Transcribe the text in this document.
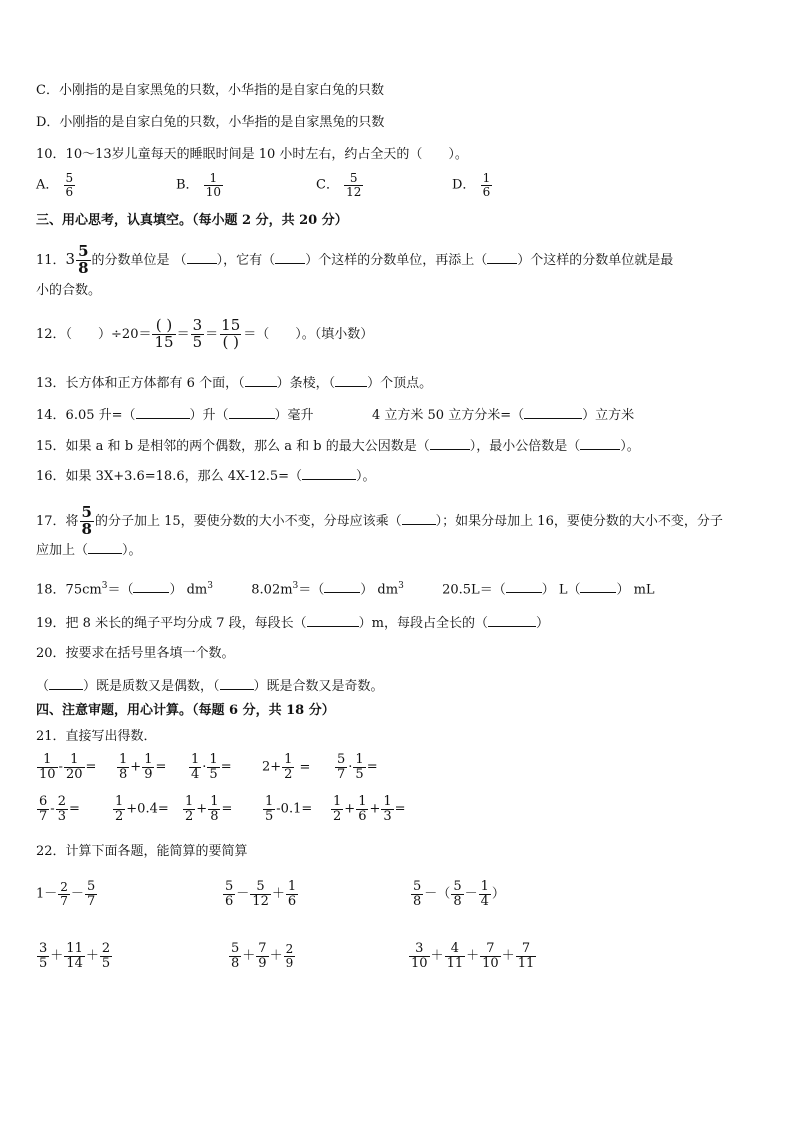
C．小刚指的是自家黑兔的只数，小华指的是自家白兔的只数
D．小刚指的是自家白兔的只数，小华指的是自家黑兔的只数
10．10～13岁儿童每天的睡眠时间是 10 小时左右，约占全天的（　　）。
A． $\frac{5}{6}$	B． $\frac{1}{10}$	C． $\frac{5}{12}$	D． $\frac{1}{6}$
三、用心思考，认真填空。（每小题 2 分，共 20 分）
11．$3 \frac{5}{8}$ 的分数单位是 （ ），它有（ ）个这样的分数单位，再添上（ ）个这样的分数单位就是最
小的合数。
12．（　　）$\div 20= \frac{( )}{15} = \frac{3}{5} = \frac{15}{( )}$ ＝（　　）。（填小数）
13．长方体和正方体都有 6 个面，（ ）条棱，（ ）个顶点。
14．6.05 升=（	）升（	）毫升	4 立方米 50 立方分米=（	）立方米
15．如果 a 和 b 是相邻的两个偶数，那么 a 和 b 的最大公因数是（	），最小公倍数是（	）。
16．如果 3X+3.6=18.6，那么 4X-12.5=（	）。
17．将 $\frac{5}{8}$ 的分子加上 15，要使分数的大小不变，分母应该乘（	）；如果分母加上 16，要使分数的大小不变，分子
应加上（	）。
18．$75cm^3=$（	） $dm^3$	$8.02m^3=$（	） $dm^3$	20.5L＝（	） L（	） mL
19．把 8 米长的绳子平均分成 7 段，每段长（	）m，每段占全长的（	）
20．按要求在括号里各填一个数。
（	）既是质数又是偶数，（	）既是合数又是奇数。
四、注意审题，用心计算。（每题 6 分，共 18 分）
21．直接写出得数．
$\frac{1}{10} - \frac{1}{20} = \frac{1}{8} + \frac{1}{9} = \frac{1}{4} \cdot \frac{1}{5} = 2+ \frac{1}{2} = \frac{5}{7} \cdot \frac{1}{5}$ =
$\frac{6}{7} - \frac{2}{3}$ =	$\frac{1}{2} +0.4= \frac{1}{2} + \frac{1}{8} = \frac{1}{5} -0.1= \frac{1}{2} + \frac{1}{6} + \frac{1}{3}$ =
22．计算下面各题，能简算的要简算
$1- \frac{2}{7} - \frac{5}{7}$	$\frac{5}{6} - \frac{5}{12} + \frac{1}{6}$	$\frac{5}{8}$ －（ $\frac{5}{8} - \frac{1}{4}$ ）
$\frac{3}{5} + \frac{11}{14} + \frac{2}{5}$	$\frac{5}{8} + \frac{7}{9} + \frac{2}{9}$	$\frac{3}{10} + \frac{4}{11} + \frac{7}{10} + \frac{7}{11}$
